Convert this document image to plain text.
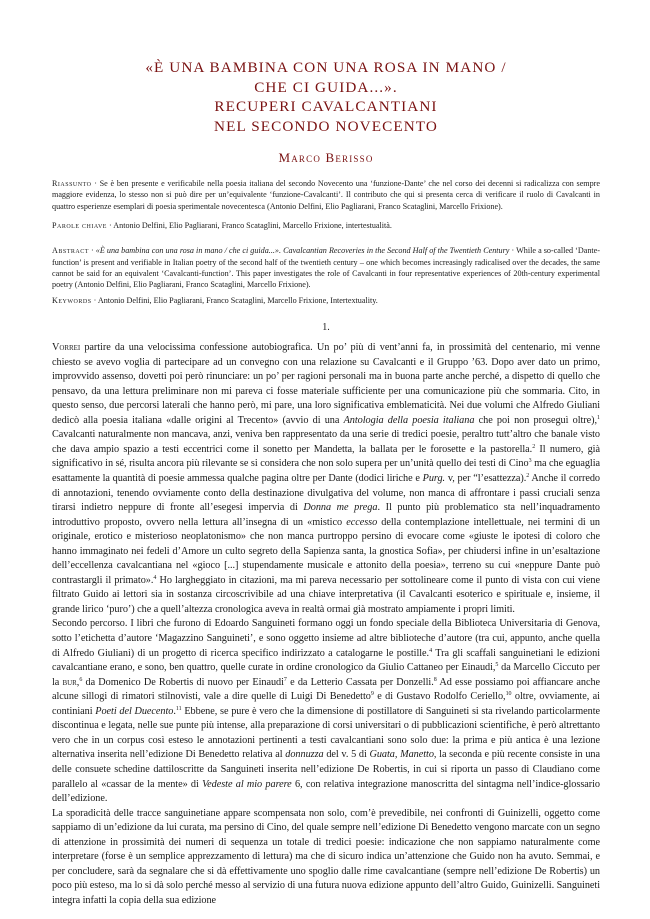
«È UNA BAMBINA CON UNA ROSA IN MANO /
CHE CI GUIDA...».
RECUPERI CAVALCANTIANI
NEL SECONDO NOVECENTO
Marco Berisso
Riassunto · Se è ben presente e verificabile nella poesia italiana del secondo Novecento una ‘funzione-Dante’ che nel corso dei decenni si radicalizza con sempre maggiore evidenza, lo stesso non si può dire per un’equivalente ‘funzione-Cavalcanti’. Il contributo che qui si presenta cerca di verificare il ruolo di Cavalcanti in quattro esperienze esemplari di poesia sperimentale novecentesca (Antonio Delfini, Elio Pagliarani, Franco Scataglini, Marcello Frixione).
Parole chiave · Antonio Delfini, Elio Pagliarani, Franco Scataglini, Marcello Frixione, intertestualità.
Abstract · «È una bambina con una rosa in mano / che ci guida...». Cavalcantian Recoveries in the Second Half of the Twentieth Century · While a so-called ‘Dante-function’ is present and verifiable in Italian poetry of the second half of the twentieth century – one which becomes increasingly radicalised over the decades, the same cannot be said for an equivalent ‘Cavalcanti-function’. This paper investigates the role of Cavalcanti in four representative experiences of 20th-century experimental poetry (Antonio Delfini, Elio Pagliarani, Franco Scataglini, Marcello Frixione).
Keywords · Antonio Delfini, Elio Pagliarani, Franco Scataglini, Marcello Frixione, Intertextuality.
1.

Vorrei partire da una velocissima confessione autobiografica. Un po’ più di vent’anni fa, in prossimità del centenario, mi venne chiesto se avevo voglia di partecipare ad un convegno con una relazione su Cavalcanti e il Gruppo ’63. Dopo aver dato un primo, improvvido assenso, dovetti poi però rinunciare: un po’ per ragioni personali ma in buona parte anche perché, a dispetto di quello che pensavo, da una lettura preliminare non mi pareva ci fosse materiale sufficiente per una comunicazione più che sommaria. Cito, in questo senso, due percorsi laterali che hanno però, mi pare, una loro significativa emblematicità. Nei due volumi che Alfredo Giuliani dedicò alla poesia italiana «dalle origini al Trecento» (avvio di una Antologia della poesia italiana che poi non proseguì oltre),$^1$ Cavalcanti naturalmente non mancava, anzi, veniva ben rappresentato da una serie di tredici poesie, peraltro tutt’altro che banale visto che dava ampio spazio a testi eccentrici come il sonetto per Mandetta, la ballata per le forosette e la pastorella.$^2$ Il numero, già significativo in sé, risulta ancora più rilevante se si considera che non solo supera per un’unità quello dei testi di Cino$^3$ ma che eguaglia esattamente la quantità di poesie ammessa qualche pagina oltre per Dante (dodici liriche e Purg. v, per “l’esattezza).$^2$ Anche il corredo di annotazioni, tenendo ovviamente conto della destinazione divulgativa del volume, non manca di affrontare i passi cruciali senza tirarsi indietro neppure di fronte all’esegesi impervia di Donna me prega. Il punto più problematico sta nell’inquadramento introduttivo proposto, ovvero nella lettura all’insegna di un «mistico eccesso della contemplazione intellettuale, nei termini di un originale, erotico e misterioso neoplatonismo» che non manca purtroppo persino di evocare come «giuste le ipotesi di coloro che hanno immaginato nei fedeli d’Amore un culto segreto della Sapienza santa, la gnostica Sofia», per chiudersi infine in un’esaltazione dell’eccellenza cavalcantiana nel «gioco [...] stupendamente musicale e attonito della poesia», terreno su cui «neppure Dante può contrastargli il primato».$^4$ Ho largheggiato in citazioni, ma mi pareva necessario per sottolineare come il punto di vista con cui viene filtrato Guido ai lettori sia in sostanza circoscrivibile ad una chiave interpretativa (il Cavalcanti esoterico e spirituale e, insieme, il grande lirico ‘puro’) che a quell’altezza cronologica aveva in realtà ormai già mostrato ampiamente i propri limiti.

Secondo percorso. I libri che furono di Edoardo Sanguineti formano oggi un fondo speciale della Biblioteca Universitaria di Genova, sotto l’etichetta d’autore ‘Magazzino Sanguineti’, e sono oggetto insieme ad altre biblioteche d’autore (tra cui, appunto, anche quella di Alfredo Giuliani) di un progetto di ricerca specifico indirizzato a catalogarne le postille.$^4$ Tra gli scaffali sanguinetiani le edizioni cavalcantiane erano, e sono, ben quattro, quelle curate in ordine cronologico da Giulio Cattaneo per Einaudi,$^5$ da Marcello Ciccuto per la bur,$^6$ da Domenico De Robertis di nuovo per Einaudi$^7$ e da Letterio Cassata per Donzelli.$^8$ Ad esse possiamo poi affiancare anche alcune sillogi di rimatori stilnovisti, vale a dire quelle di Luigi Di Benedetto$^9$ e di Gustavo Rodolfo Ceriello,$^{10}$ oltre, ovviamente, ai continiani Poeti del Duecento.$^{11}$ Ebbene, se pure è vero che la dimensione di postillatore di Sanguineti si sta rivelando particolarmente discontinua e legata, nelle sue punte più intense, alla preparazione di corsi universitari o di pubblicazioni scientifiche, è però altrettanto vero che in un corpus così esteso le annotazioni pertinenti a testi cavalcantiani sono solo due: la prima e più antica è una lezione alternativa inserita nell’edizione Di Benedetto relativa al donnuzza del v. 5 di Guata, Manetto, la seconda e più recente consiste in una delle consuete schedine dattiloscritte da Sanguineti inserita nell’edizione De Robertis, in cui si riporta un passo di Claudiano come parallelo al «cassar de la mente» di Vedeste al mio parere 6, con relativa integrazione manoscritta del sintagma nell’indice-glossario dell’edizione.

La sporadicità delle tracce sanguinetiane appare scompensata non solo, com’è prevedibile, nei confronti di Guinizelli, oggetto come sappiamo di un’edizione da lui curata, ma persino di Cino, del quale sempre nell’edizione Di Benedetto vengono marcate con un segno di attenzione in prossimità dei numeri di sequenza un totale di tredici poesie: indicazione che non sappiamo naturalmente come interpretare (forse è un semplice apprezzamento di lettura) ma che di sicuro indica un’attenzione che Guido non ha avuto. Semmai, e per concludere, sarà da segnalare che si dà effettivamente uno spoglio dalle rime cavalcantiane (sempre nell’edizione De Robertis) un poco più esteso, ma lo si dà solo perché messo al servizio di una futura nuova edizione appunto dell’altro Guido, Guinizelli. Sanguineti integra infatti la copia della sua edizione
